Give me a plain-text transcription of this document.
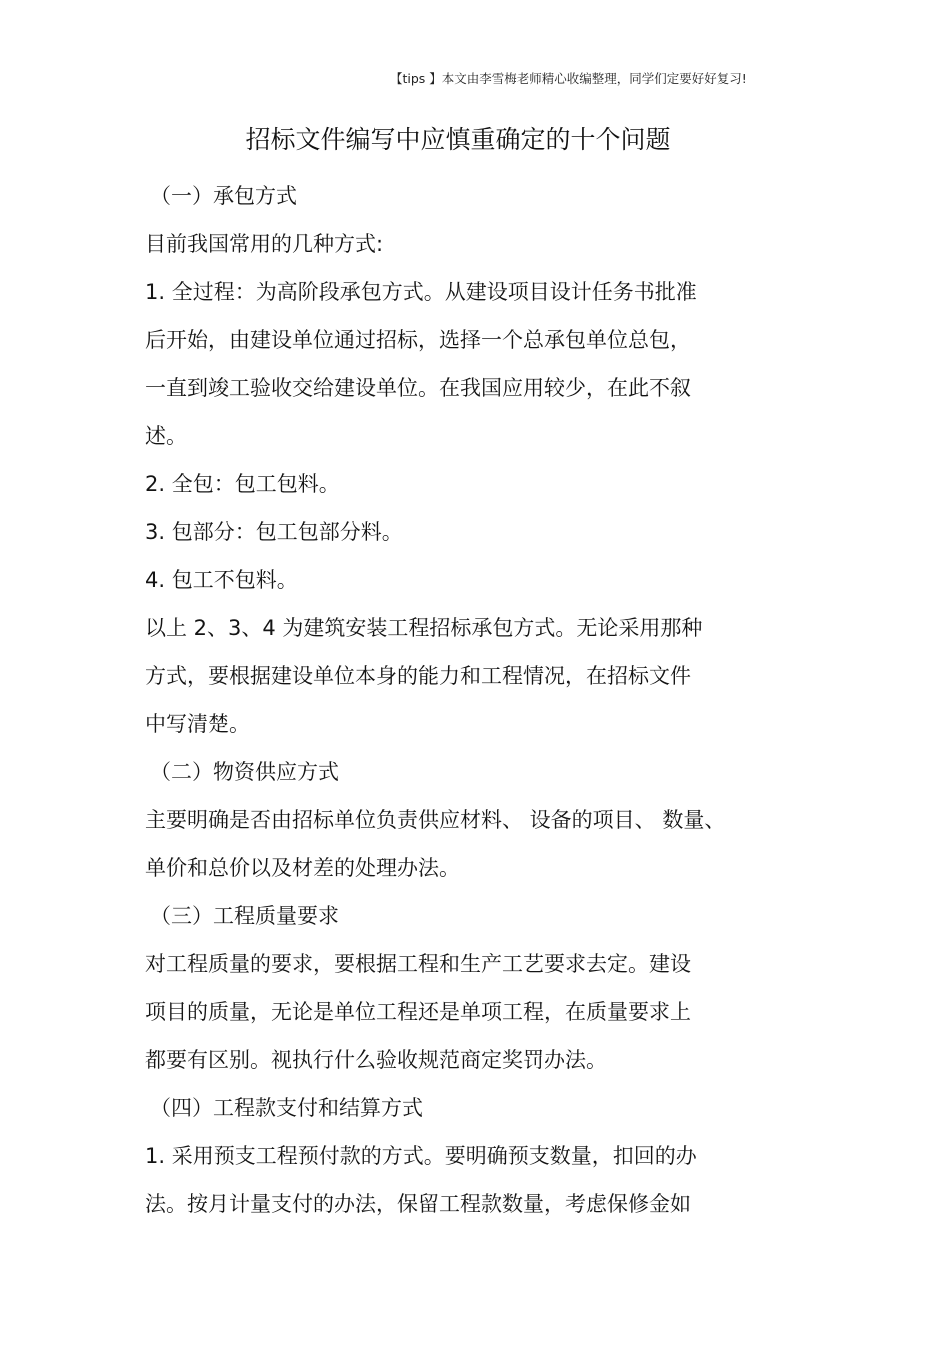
【tips 】本文由李雪梅老师精心收编整理，同学们定要好好复习!
招标文件编写中应慎重确定的十个问题
（一）承包方式
目前我国常用的几种方式:
1. 全过程：为高阶段承包方式。从建设项目设计任务书批准
后开始，由建设单位通过招标，选择一个总承包单位总包，
一直到竣工验收交给建设单位。在我国应用较少，在此不叙
述。
2. 全包：包工包料。
3. 包部分：包工包部分料。
4. 包工不包料。
以上 2、3、4 为建筑安装工程招标承包方式。无论采用那种
方式，要根据建设单位本身的能力和工程情况，在招标文件
中写清楚。
（二）物资供应方式
主要明确是否由招标单位负责供应材料、 设备的项目、 数量、
单价和总价以及材差的处理办法。
（三）工程质量要求
对工程质量的要求，要根据工程和生产工艺要求去定。建设
项目的质量，无论是单位工程还是单项工程，在质量要求上
都要有区别。视执行什么验收规范商定奖罚办法。
（四）工程款支付和结算方式
1. 采用预支工程预付款的方式。要明确预支数量，扣回的办
法。按月计量支付的办法，保留工程款数量，考虑保修金如
